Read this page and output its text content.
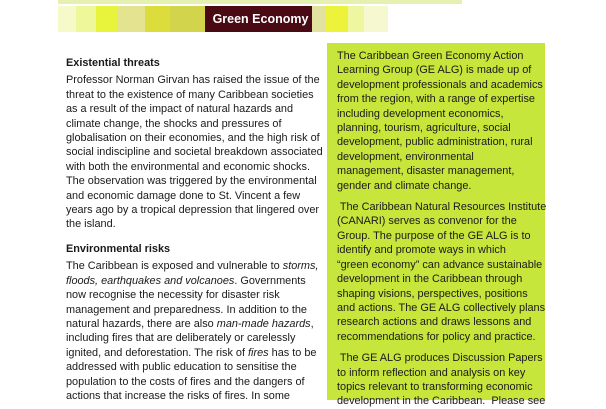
Green Economy
Existential threats

Professor Norman Girvan has raised the issue of the

threat to the existence of many Caribbean societies

as a result of the impact of natural hazards and

climate change, the shocks and pressures of

globalisation on their economies, and the high risk of

social indiscipline and societal breakdown associated

with both the environmental and economic shocks.

The observation was triggered by the environmental

and economic damage done to St. Vincent a few

years ago by a tropical depression that lingered over

the island.

Environmental risks

The Caribbean is exposed and vulnerable to storms,

floods, earthquakes and volcanoes. Governments

now recognise the necessity for disaster risk

management and preparedness. In addition to the

natural hazards, there are also man-made hazards,

including fires that are deliberately or carelessly

ignited, and deforestation. The risk of fires has to be

addressed with public education to sensitise the

population to the costs of fires and the dangers of

actions that increase the risks of fires. In some

The Caribbean Green Economy Action

Learning Group (GE ALG) is made up of

development professionals and academics

from the region, with a range of expertise

including development economics,

planning, tourism, agriculture, social

development, public administration, rural

development, environmental

management, disaster management,

gender and climate change.

The Caribbean Natural Resources Institute

(CANARI) serves as convenor for the

Group. The purpose of the GE ALG is to

identify and promote ways in which

“green economy” can advance sustainable

development in the Caribbean through

shaping visions, perspectives, positions

and actions. The GE ALG collectively plans

research actions and draws lessons and

recommendations for policy and practice.

The GE ALG produces Discussion Papers

to inform reflection and analysis on key

topics relevant to transforming economic

development in the Caribbean.  Please see
